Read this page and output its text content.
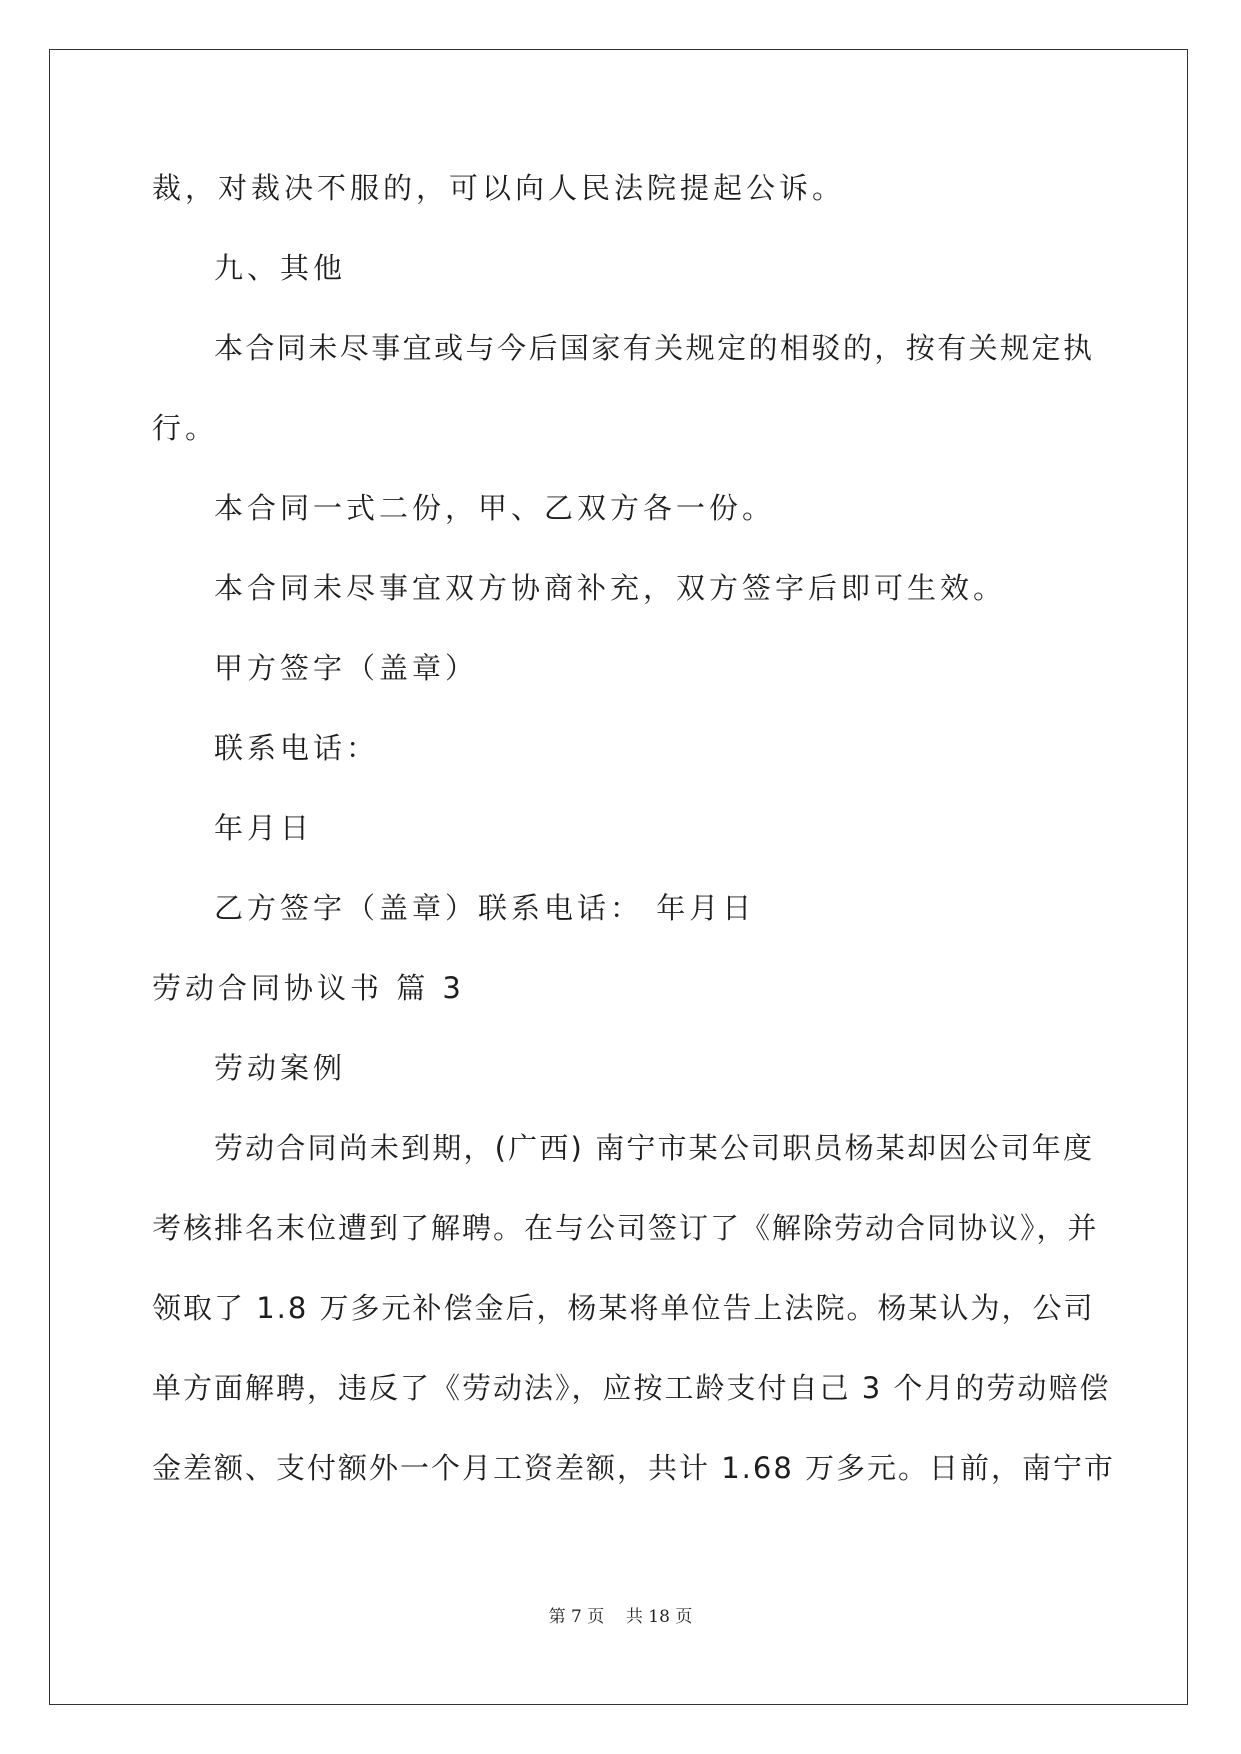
裁，对裁决不服的，可以向人民法院提起公诉。
九、其他
本合同未尽事宜或与今后国家有关规定的相驳的，按有关规定执
行。
本合同一式二份，甲、乙双方各一份。
本合同未尽事宜双方协商补充，双方签字后即可生效。
甲方签字（盖章）
联系电话：
年月日
乙方签字（盖章）联系电话： 年月日
劳动合同协议书 篇 3
劳动案例
劳动合同尚未到期，(广西) 南宁市某公司职员杨某却因公司年度
考核排名末位遭到了解聘。在与公司签订了《解除劳动合同协议》，并
领取了 1.8 万多元补偿金后，杨某将单位告上法院。杨某认为，公司
单方面解聘，违反了《劳动法》，应按工龄支付自己 3 个月的劳动赔偿
金差额、支付额外一个月工资差额，共计 1.68 万多元。日前，南宁市
第 7 页    共 18 页
